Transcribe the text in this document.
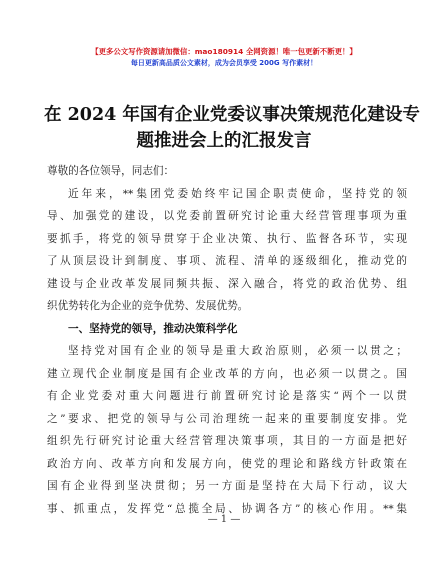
【更多公文写作资源请加微信：mao180914 全网资源！唯一包更新不断更！】
每日更新高品质公文素材，成为会员享受 200G 写作素材！
在 2024 年国有企业党委议事决策规范化建设专
题推进会上的汇报发言
尊敬的各位领导，同志们：
近年来，**集团党委始终牢记国企职责使命，坚持党的领
导、加强党的建设，以党委前置研究讨论重大经营管理事项为重
要抓手，将党的领导贯穿于企业决策、执行、监督各环节，实现
了从顶层设计到制度、事项、流程、清单的逐级细化，推动党的
建设与企业改革发展同频共振、深入融合，将党的政治优势、组
织优势转化为企业的竞争优势、发展优势。
一、坚持党的领导，推动决策科学化
坚持党对国有企业的领导是重大政治原则，必须一以贯之；
建立现代企业制度是国有企业改革的方向，也必须一以贯之。国
有企业党委对重大问题进行前置研究讨论是落实“两个一以贯
之”要求、把党的领导与公司治理统一起来的重要制度安排。党
组织先行研究讨论重大经营管理决策事项，其目的一方面是把好
政治方向、改革方向和发展方向，使党的理论和路线方针政策在
国有企业得到坚决贯彻；另一方面是坚持在大局下行动，议大
事、抓重点，发挥党“总揽全局、协调各方”的核心作用。**集
— 1 —
